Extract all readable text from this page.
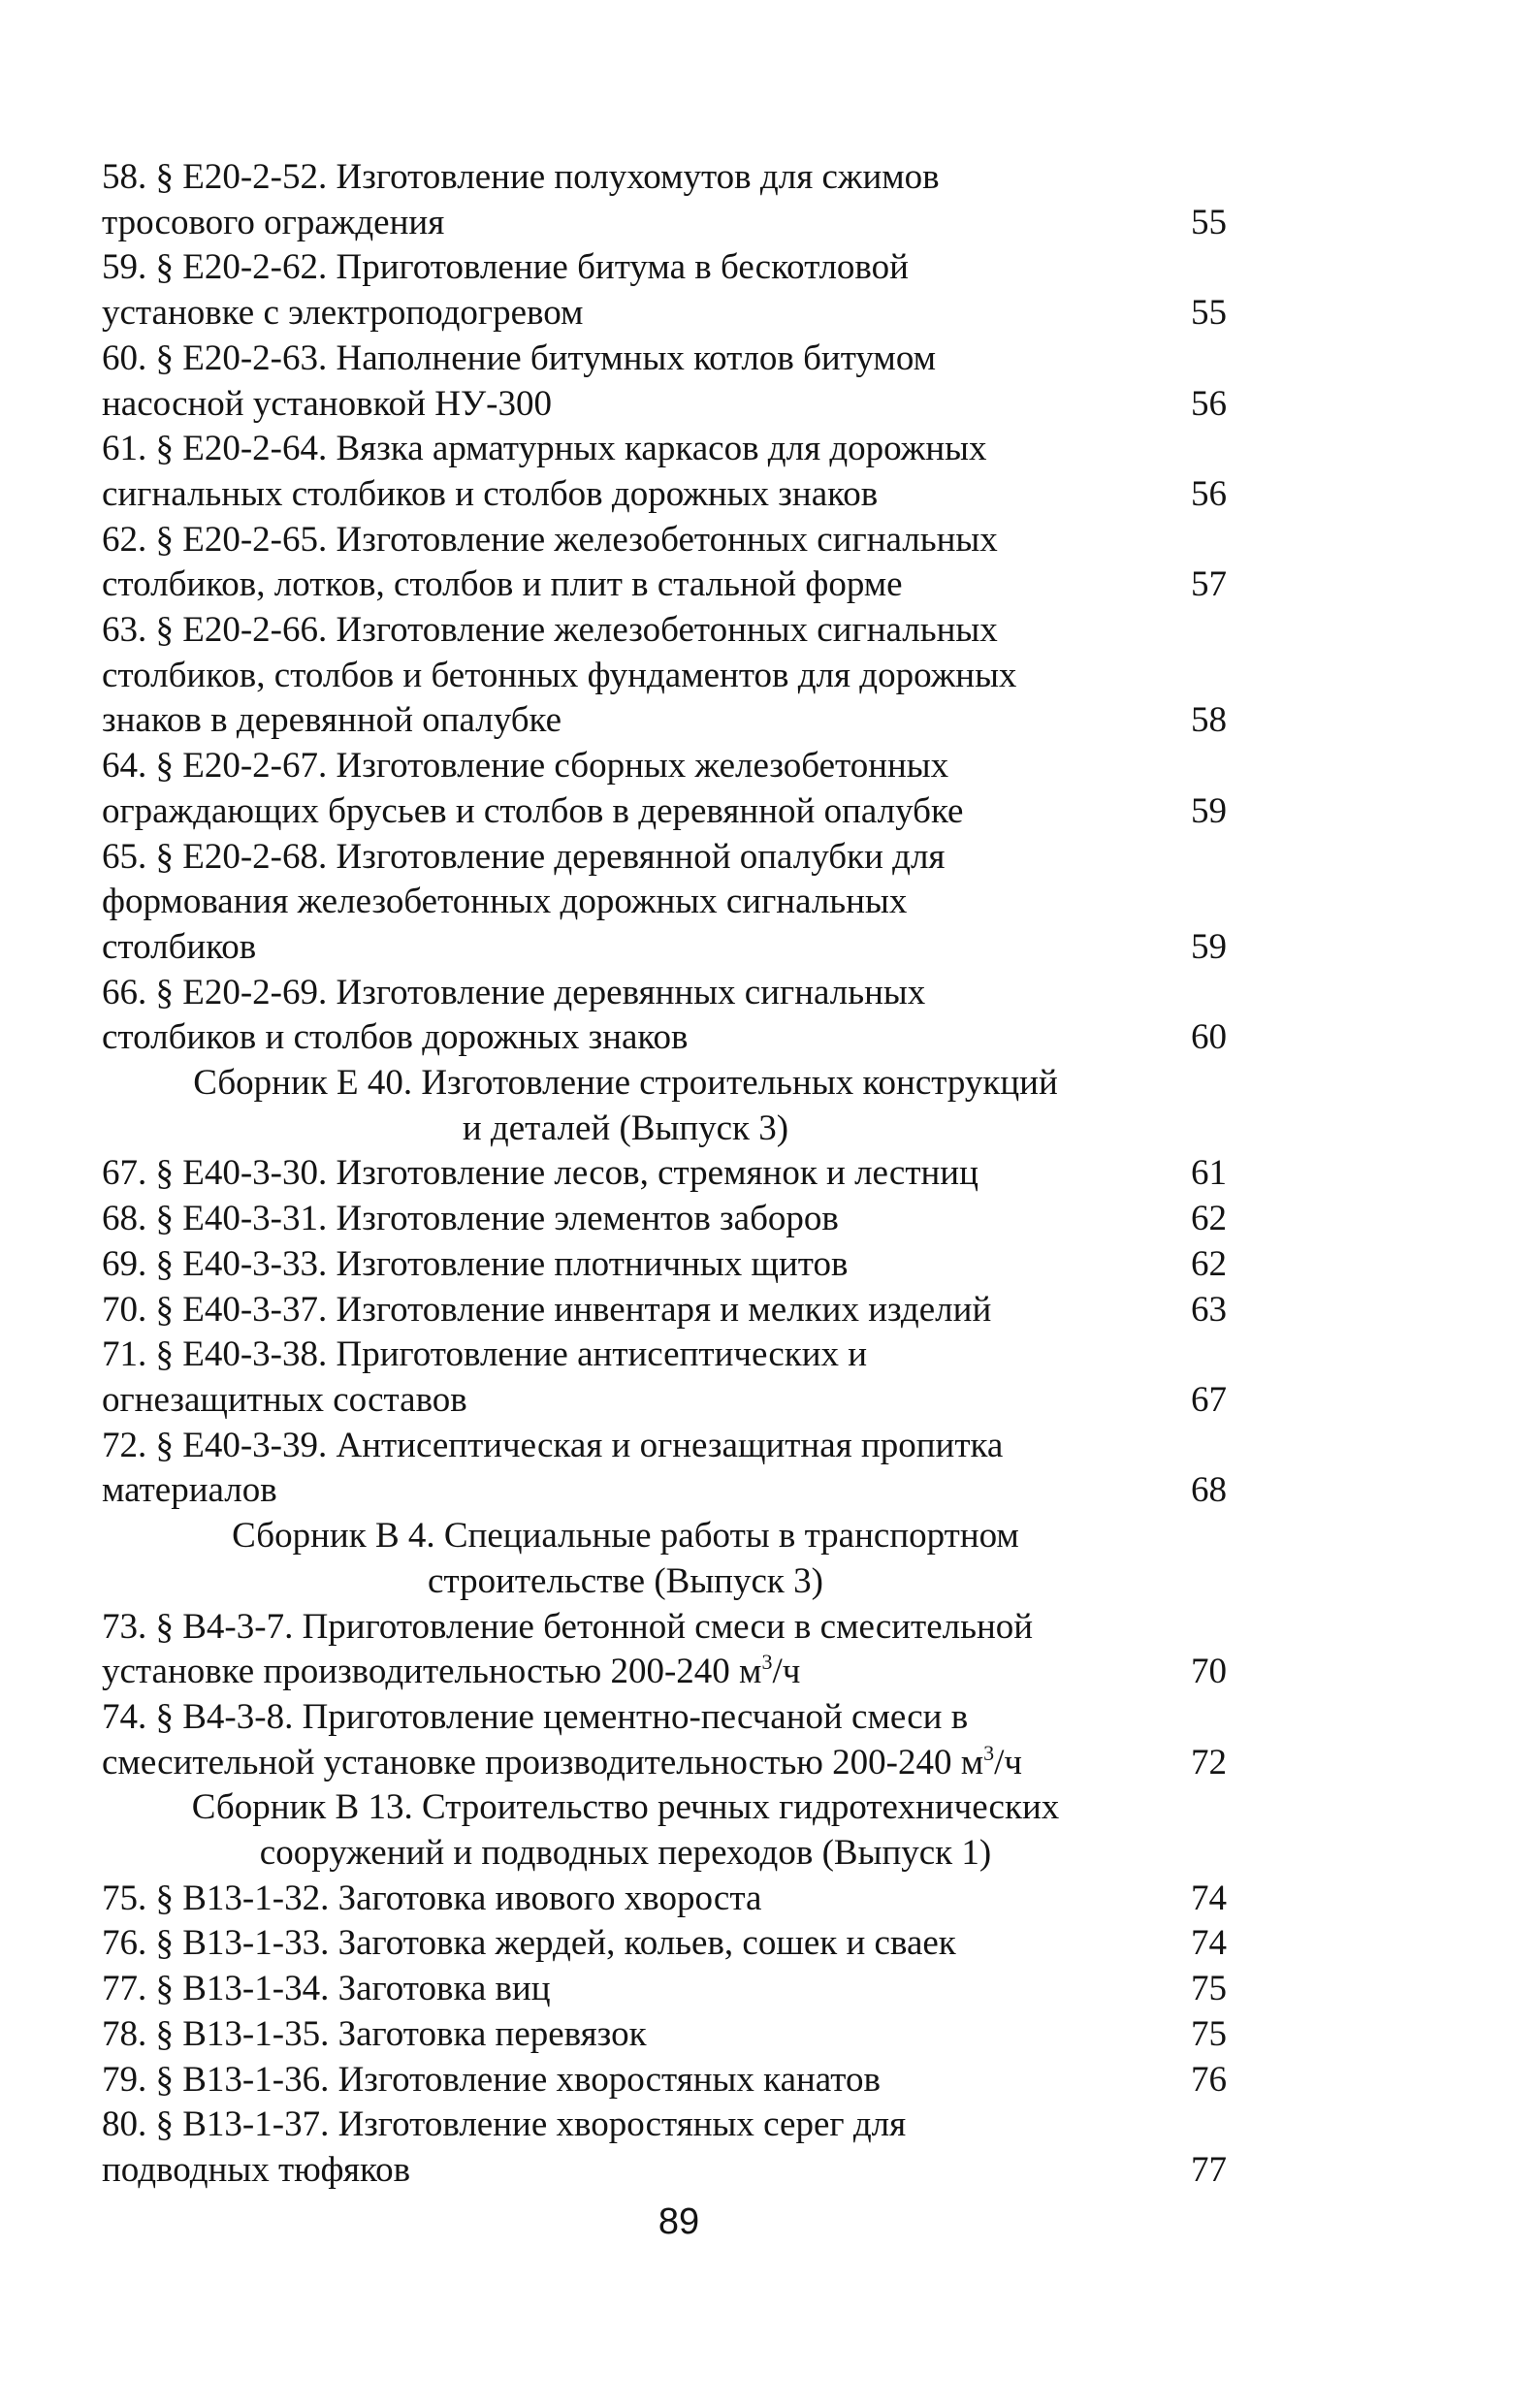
58. § Е20-2-52. Изготовление полухомутов для сжимов
тросового ограждения	55
59. § Е20-2-62. Приготовление битума в бескотловой
установке с электроподогревом	55
60. § Е20-2-63. Наполнение битумных котлов битумом
насосной установкой НУ-300	56
61. § Е20-2-64. Вязка арматурных каркасов для дорожных
сигнальных столбиков и столбов дорожных знаков	56
62. § Е20-2-65. Изготовление железобетонных сигнальных
столбиков, лотков, столбов и плит в стальной форме	57
63. § Е20-2-66. Изготовление железобетонных сигнальных
столбиков, столбов и бетонных фундаментов для дорожных
знаков в деревянной опалубке	58
64. § Е20-2-67. Изготовление сборных железобетонных
ограждающих брусьев и столбов в деревянной опалубке	59
65. § Е20-2-68. Изготовление деревянной опалубки для
формования железобетонных дорожных сигнальных
столбиков	59
66. § Е20-2-69. Изготовление деревянных сигнальных
столбиков и столбов дорожных знаков	60
Сборник Е 40. Изготовление строительных конструкций
и деталей (Выпуск 3)
67. § Е40-3-30. Изготовление лесов, стремянок и лестниц	61
68. § Е40-3-31. Изготовление элементов заборов	62
69. § Е40-3-33. Изготовление плотничных щитов	62
70. § Е40-3-37. Изготовление инвентаря и мелких изделий	63
71. § Е40-3-38. Приготовление антисептических и
огнезащитных составов	67
72. § Е40-3-39. Антисептическая и огнезащитная пропитка
материалов	68
Сборник В 4. Специальные работы в транспортном
строительстве (Выпуск 3)
73. § В4-3-7. Приготовление бетонной смеси в смесительной
установке производительностью 200-240 $м^3/ч$	70
74. § В4-3-8. Приготовление цементно-песчаной смеси в
смесительной установке производительностью 200-240 $м^3/ч$	72
Сборник В 13. Строительство речных гидротехнических
сооружений и подводных переходов (Выпуск 1)
75. § В13-1-32. Заготовка ивового хвороста	74
76. § В13-1-33. Заготовка жердей, кольев, сошек и сваек	74
77. § В13-1-34. Заготовка виц	75
78. § В13-1-35. Заготовка перевязок	75
79. § В13-1-36. Изготовление хворостяных канатов	76
80. § В13-1-37. Изготовление хворостяных серег для
подводных тюфяков	77
89
